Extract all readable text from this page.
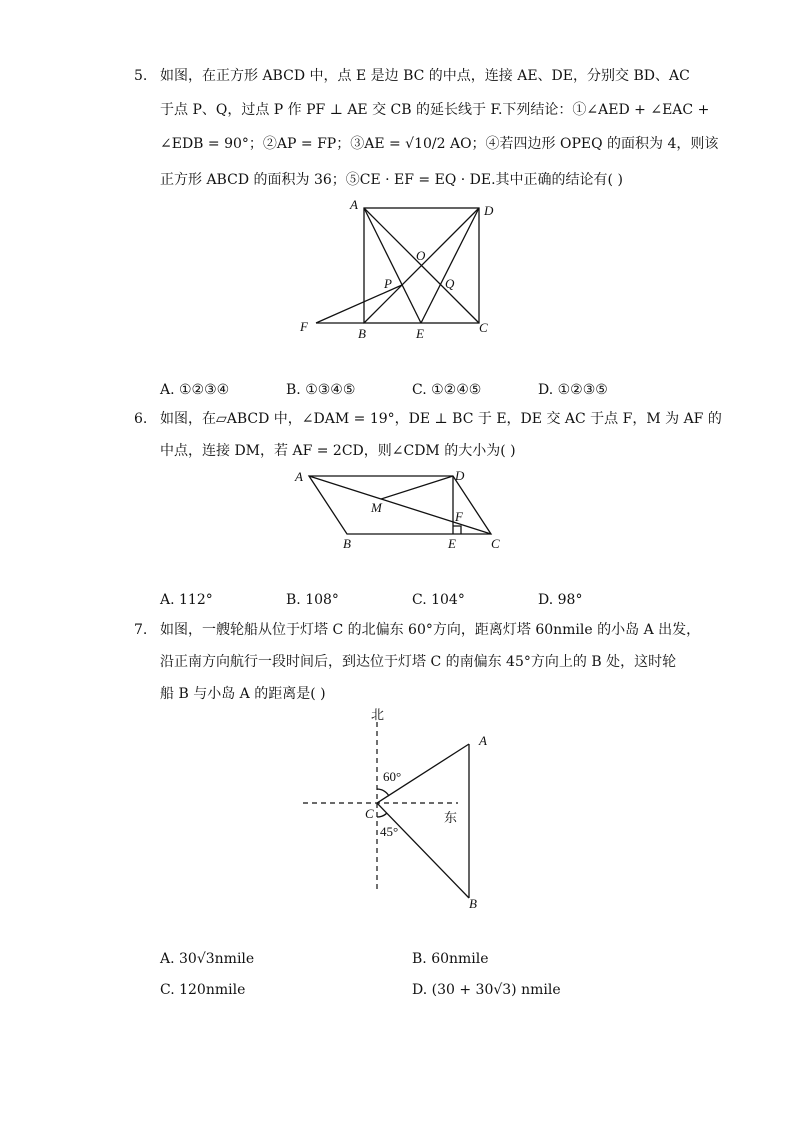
5. 如图，在正方形 ABCD 中，点 E 是边 BC 的中点，连接 AE、DE，分别交 BD、AC
于点 P、Q，过点 P 作 PF ⊥ AE 交 CB 的延长线于 F.下列结论：①∠AED + ∠EAC +
∠EDB = 90°；②AP = FP；③AE = √10/2 AO；④若四边形 OPEQ 的面积为 4，则该
正方形 ABCD 的面积为 36；⑤CE · EF = EQ · DE.其中正确的结论有( )
A	D
B	E	C
F
O
P	Q
A. ①②③④	B. ①③④⑤	C. ①②④⑤	D. ①②③⑤
6. 如图，在▱ABCD 中，∠DAM = 19°，DE ⊥ BC 于 E，DE 交 AC 于点 F，M 为 AF 的
中点，连接 DM，若 AF = 2CD，则∠CDM 的大小为( )
A	D
M
F
B	E	C
A. 112°	B. 108°	C. 104°	D. 98°
7. 如图，一艘轮船从位于灯塔 C 的北偏东 60°方向，距离灯塔 60nmile 的小岛 A 出发，
沿正南方向航行一段时间后，到达位于灯塔 C 的南偏东 45°方向上的 B 处，这时轮
船 B 与小岛 A 的距离是( )
北
东
60°
45°
A
B
C
A. 30√3nmile	B. 60nmile
C. 120nmile	D. (30 + 30√3) nmile
